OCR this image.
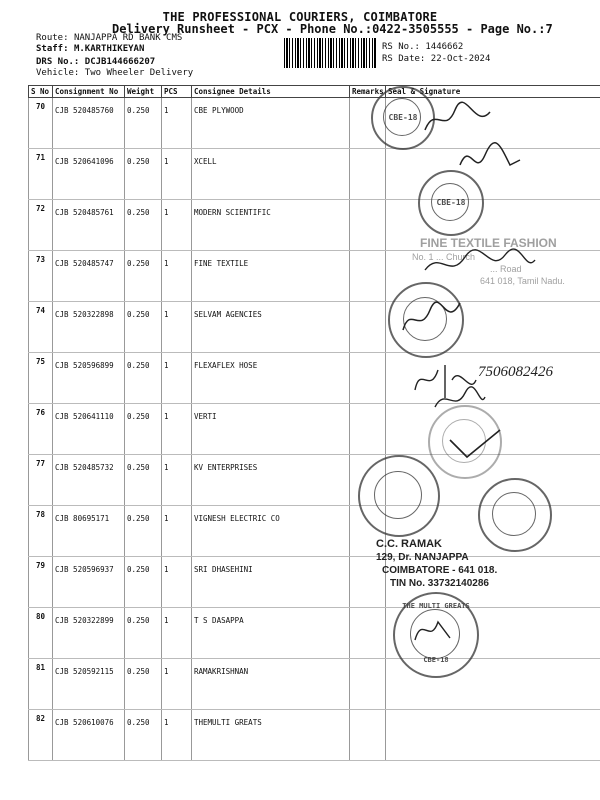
THE PROFESSIONAL COURIERS, COIMBATORE
Delivery Runsheet - PCX - Phone No.:0422-3505555 - Page No.:7
Route: NANJAPPA RD BANK CMS
Staff: M.KARTHIKEYAN
DRS No.: DCJB144666207
Vehicle: Two Wheeler Delivery
RS No.: 1446662
RS Date: 22-Oct-2024
S No	Consignment No	Weight	PCS	Consignee Details	Remarks	Seal & Signature
70	CJB 520485760	0.250	1	CBE PLYWOOD		
71	CJB 520641096	0.250	1	XCELL		
72	CJB 520485761	0.250	1	MODERN SCIENTIFIC		
73	CJB 520485747	0.250	1	FINE TEXTILE		
74	CJB 520322898	0.250	1	SELVAM AGENCIES		
75	CJB 520596899	0.250	1	FLEXAFLEX HOSE		
76	CJB 520641110	0.250	1	VERTI		
77	CJB 520485732	0.250	1	KV ENTERPRISES		
78	CJB 80695171	0.250	1	VIGNESH ELECTRIC CO		
79	CJB 520596937	0.250	1	SRI DHASEHINI		
80	CJB 520322899	0.250	1	T S DASAPPA		
81	CJB 520592115	0.250	1	RAMAKRISHNAN		
82	CJB 520610076	0.250	1	THEMULTI GREATS		
CBE-18
CBE-18
FINE TEXTILE FASHION
No. 1 ... Church
... Road
641 018, Tamil Nadu.
7506082426
C.C. RAMAK
129, Dr. NANJAPPA
COIMBATORE - 641 018.
TIN No. 33732140286
THE MULTI GREATS
CBE-18
